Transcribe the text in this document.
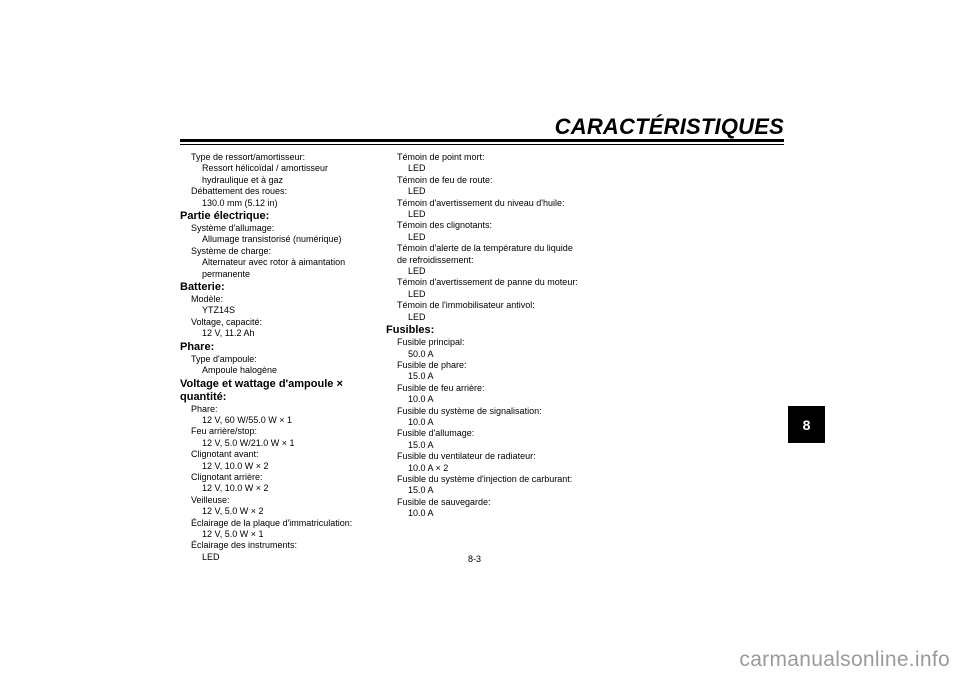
CARACTÉRISTIQUES
Type de ressort/amortisseur:
Ressort hélicoïdal / amortisseur
hydraulique et à gaz
Débattement des roues:
130.0 mm (5.12 in)
Partie électrique:
Système d'allumage:
Allumage transistorisé (numérique)
Système de charge:
Alternateur avec rotor à aimantation
permanente
Batterie:
Modèle:
YTZ14S
Voltage, capacité:
12 V, 11.2 Ah
Phare:
Type d'ampoule:
Ampoule halogène
Voltage et wattage d'ampoule × quantité:
Phare:
12 V, 60 W/55.0 W × 1
Feu arrière/stop:
12 V, 5.0 W/21.0 W × 1
Clignotant avant:
12 V, 10.0 W × 2
Clignotant arrière:
12 V, 10.0 W × 2
Veilleuse:
12 V, 5.0 W × 2
Éclairage de la plaque d'immatriculation:
12 V, 5.0 W × 1
Éclairage des instruments:
LED
Témoin de point mort:
LED
Témoin de feu de route:
LED
Témoin d'avertissement du niveau d'huile:
LED
Témoin des clignotants:
LED
Témoin d'alerte de la température du liquide
de refroidissement:
LED
Témoin d'avertissement de panne du moteur:
LED
Témoin de l'immobilisateur antivol:
LED
Fusibles:
Fusible principal:
50.0 A
Fusible de phare:
15.0 A
Fusible de feu arrière:
10.0 A
Fusible du système de signalisation:
10.0 A
Fusible d'allumage:
15.0 A
Fusible du ventilateur de radiateur:
10.0 A × 2
Fusible du système d'injection de carburant:
15.0 A
Fusible de sauvegarde:
10.0 A
8
8-3
carmanualsonline.info
